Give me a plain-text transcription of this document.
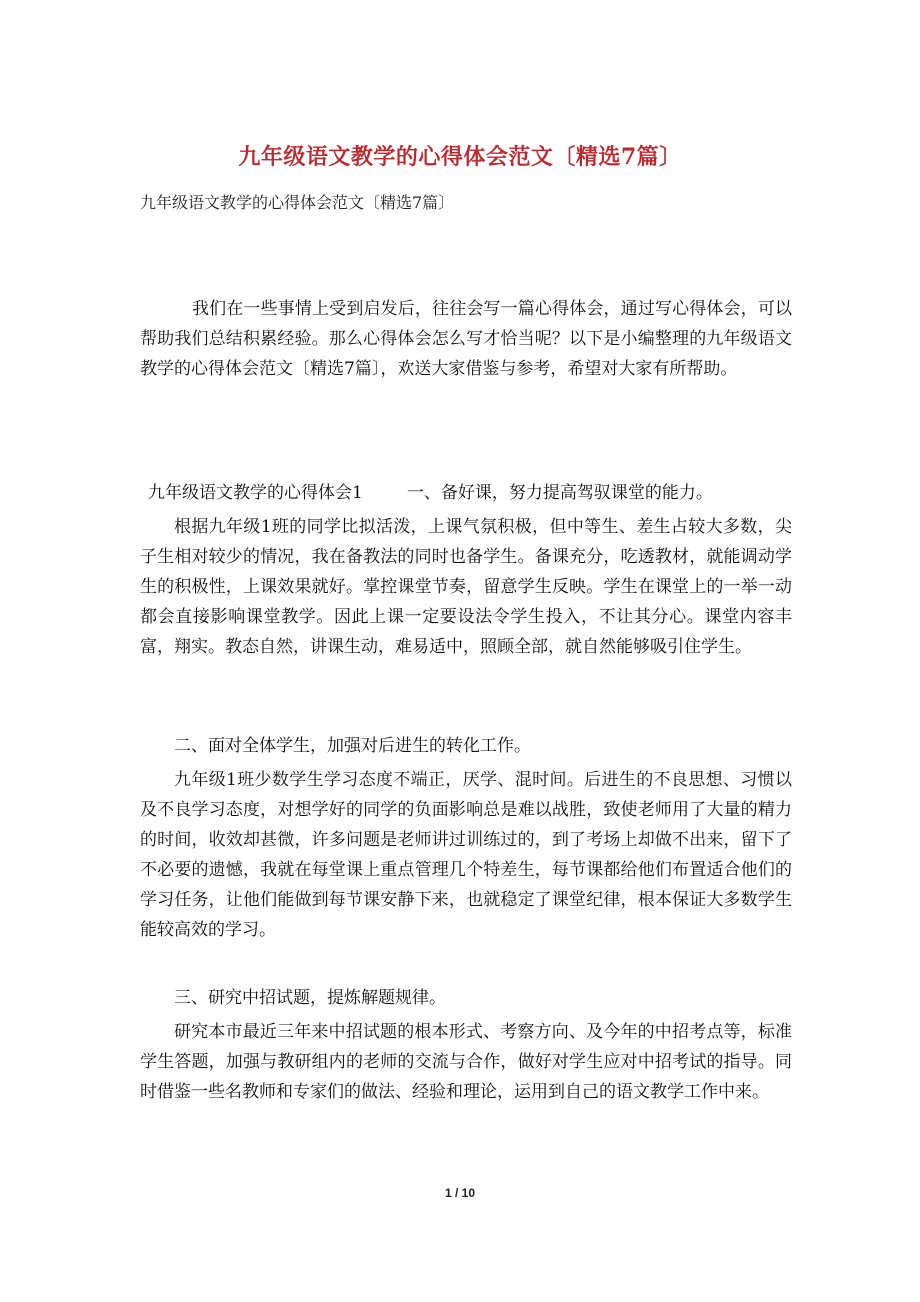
九年级语文教学的心得体会范文〔精选7篇〕
九年级语文教学的心得体会范文〔精选7篇〕

我们在一些事情上受到启发后，往往会写一篇心得体会，通过写心得体会，可以帮助我们总结积累经验。那么心得体会怎么写才恰当呢？以下是小编整理的九年级语文教学的心得体会范文〔精选7篇〕，欢送大家借鉴与参考，希望对大家有所帮助。

九年级语文教学的心得体会1	一、备好课，努力提高驾驭课堂的能力。

根据九年级1班的同学比拟活泼，上课气氛积极，但中等生、差生占较大多数，尖子生相对较少的情况，我在备教法的同时也备学生。备课充分，吃透教材，就能调动学生的积极性，上课效果就好。掌控课堂节奏，留意学生反映。学生在课堂上的一举一动都会直接影响课堂教学。因此上课一定要设法令学生投入，不让其分心。课堂内容丰富，翔实。教态自然，讲课生动，难易适中，照顾全部，就自然能够吸引住学生。

二、面对全体学生，加强对后进生的转化工作。

九年级1班少数学生学习态度不端正，厌学、混时间。后进生的不良思想、习惯以及不良学习态度，对想学好的同学的负面影响总是难以战胜，致使老师用了大量的精力的时间，收效却甚微，许多问题是老师讲过训练过的，到了考场上却做不出来，留下了不必要的遗憾，我就在每堂课上重点管理几个特差生，每节课都给他们布置适合他们的学习任务，让他们能做到每节课安静下来，也就稳定了课堂纪律，根本保证大多数学生能较高效的学习。

三、研究中招试题，提炼解题规律。

研究本市最近三年来中招试题的根本形式、考察方向、及今年的中招考点等，标准学生答题，加强与教研组内的老师的交流与合作，做好对学生应对中招考试的指导。同时借鉴一些名教师和专家们的做法、经验和理论，运用到自己的语文教学工作中来。

1 / 10
